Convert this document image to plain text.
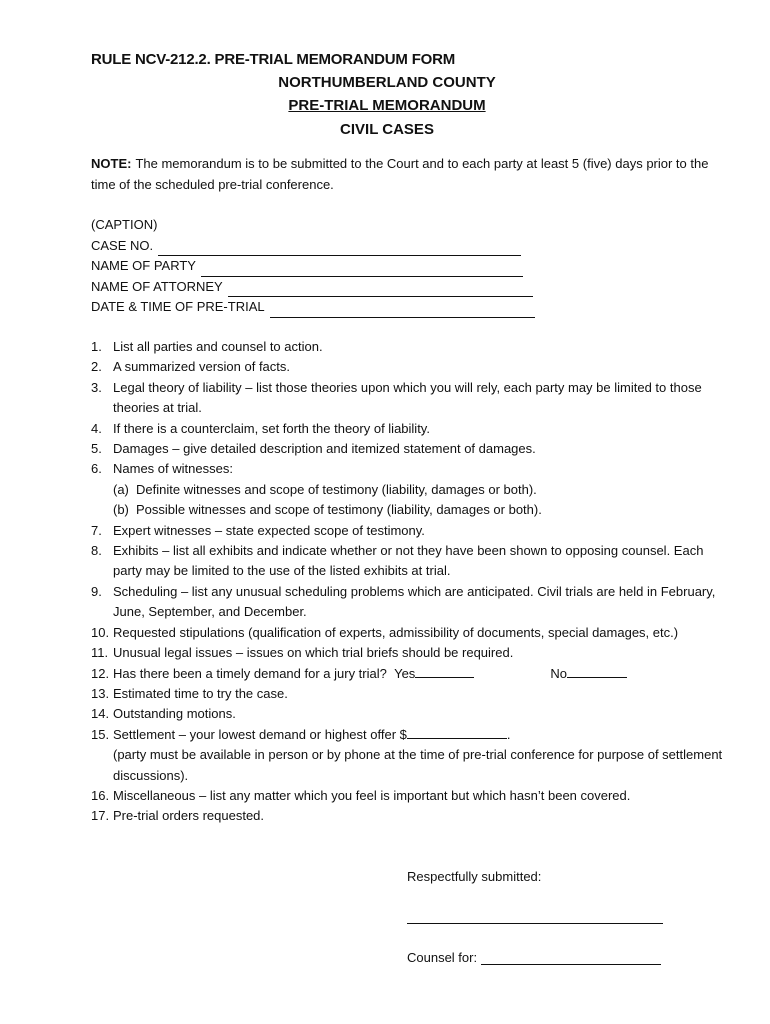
RULE NCV-212.2. PRE-TRIAL MEMORANDUM FORM
NORTHUMBERLAND COUNTY
PRE-TRIAL MEMORANDUM
CIVIL CASES
NOTE: The memorandum is to be submitted to the Court and to each party at least 5 (five) days prior to the time of the scheduled pre-trial conference.
(CAPTION)
CASE NO.
NAME OF PARTY
NAME OF ATTORNEY
DATE & TIME OF PRE-TRIAL
1. List all parties and counsel to action.
2. A summarized version of facts.
3. Legal theory of liability – list those theories upon which you will rely, each party may be limited to those theories at trial.
4. If there is a counterclaim, set forth the theory of liability.
5. Damages – give detailed description and itemized statement of damages.
6. Names of witnesses:
(a) Definite witnesses and scope of testimony (liability, damages or both).
(b) Possible witnesses and scope of testimony (liability, damages or both).
7. Expert witnesses – state expected scope of testimony.
8. Exhibits – list all exhibits and indicate whether or not they have been shown to opposing counsel. Each party may be limited to the use of the listed exhibits at trial.
9. Scheduling – list any unusual scheduling problems which are anticipated. Civil trials are held in February, June, September, and December.
10. Requested stipulations (qualification of experts, admissibility of documents, special damages, etc.)
11. Unusual legal issues – issues on which trial briefs should be required.
12. Has there been a timely demand for a jury trial? Yes	No
13. Estimated time to try the case.
14. Outstanding motions.
15. Settlement – your lowest demand or highest offer $	.
(party must be available in person or by phone at the time of pre-trial conference for purpose of settlement discussions).
16. Miscellaneous – list any matter which you feel is important but which hasn’t been covered.
17. Pre-trial orders requested.
Respectfully submitted:
Counsel for:
